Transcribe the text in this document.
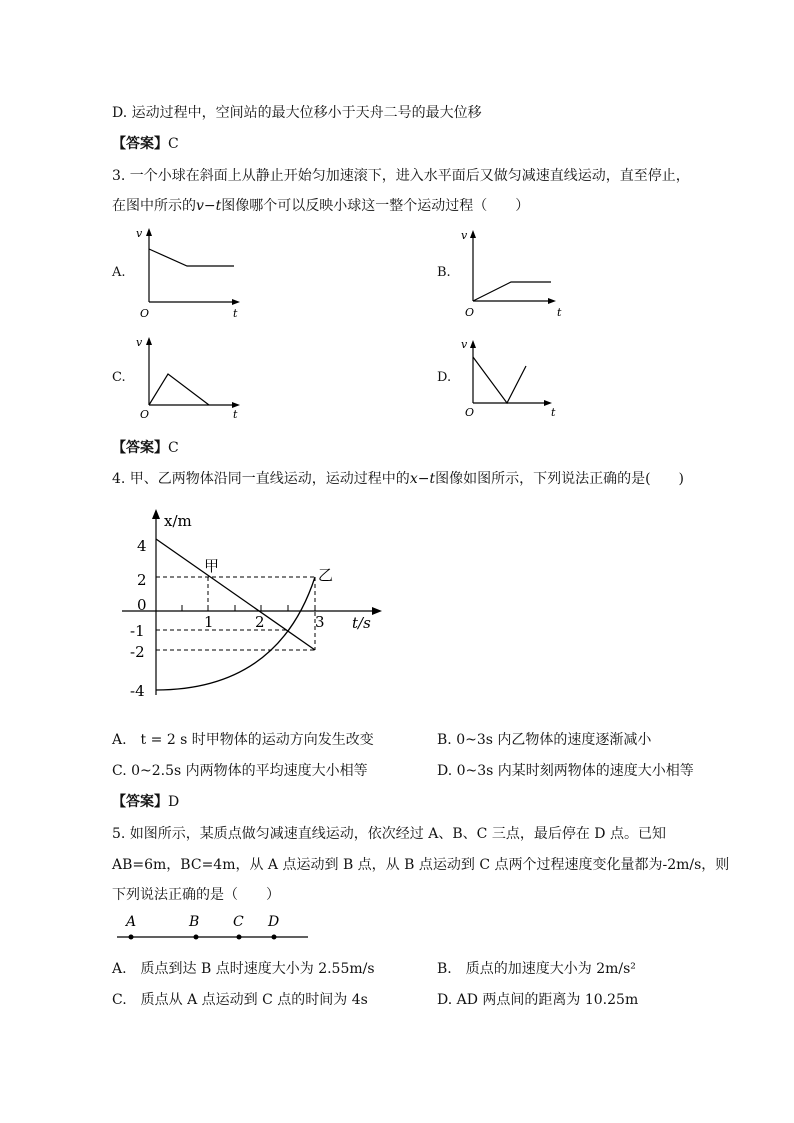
D. 运动过程中，空间站的最大位移小于天舟二号的最大位移
【答案】C
3. 一个小球在斜面上从静止开始匀加速滚下，进入水平面后又做匀减速直线运动，直至停止，
在图中所示的v−t图像哪个可以反映小球这一整个运动过程（　　）
A.
v
O	t
B.
v
O	t
C.
v
O	t
D.
v
O	t
【答案】C
4. 甲、乙两物体沿同一直线运动，运动过程中的x−t图像如图所示，下列说法正确的是(　　)
x/m
t/s
4
2
0
-1
-2
-4
1	2	3
甲	乙
A.　t = 2 s 时甲物体的运动方向发生改变	B. 0~3s 内乙物体的速度逐渐减小
C. 0~2.5s 内两物体的平均速度大小相等	D. 0~3s 内某时刻两物体的速度大小相等
【答案】D
5. 如图所示，某质点做匀减速直线运动，依次经过 A、B、C 三点，最后停在 D 点。已知
AB=6m，BC=4m，从 A 点运动到 B 点，从 B 点运动到 C 点两个过程速度变化量都为-2m/s，则
下列说法正确的是（　　）
A	B C D
A.　质点到达 B 点时速度大小为 2.55m/s	B.　质点的加速度大小为 2m/s²
C.　质点从 A 点运动到 C 点的时间为 4s	D. AD 两点间的距离为 10.25m
